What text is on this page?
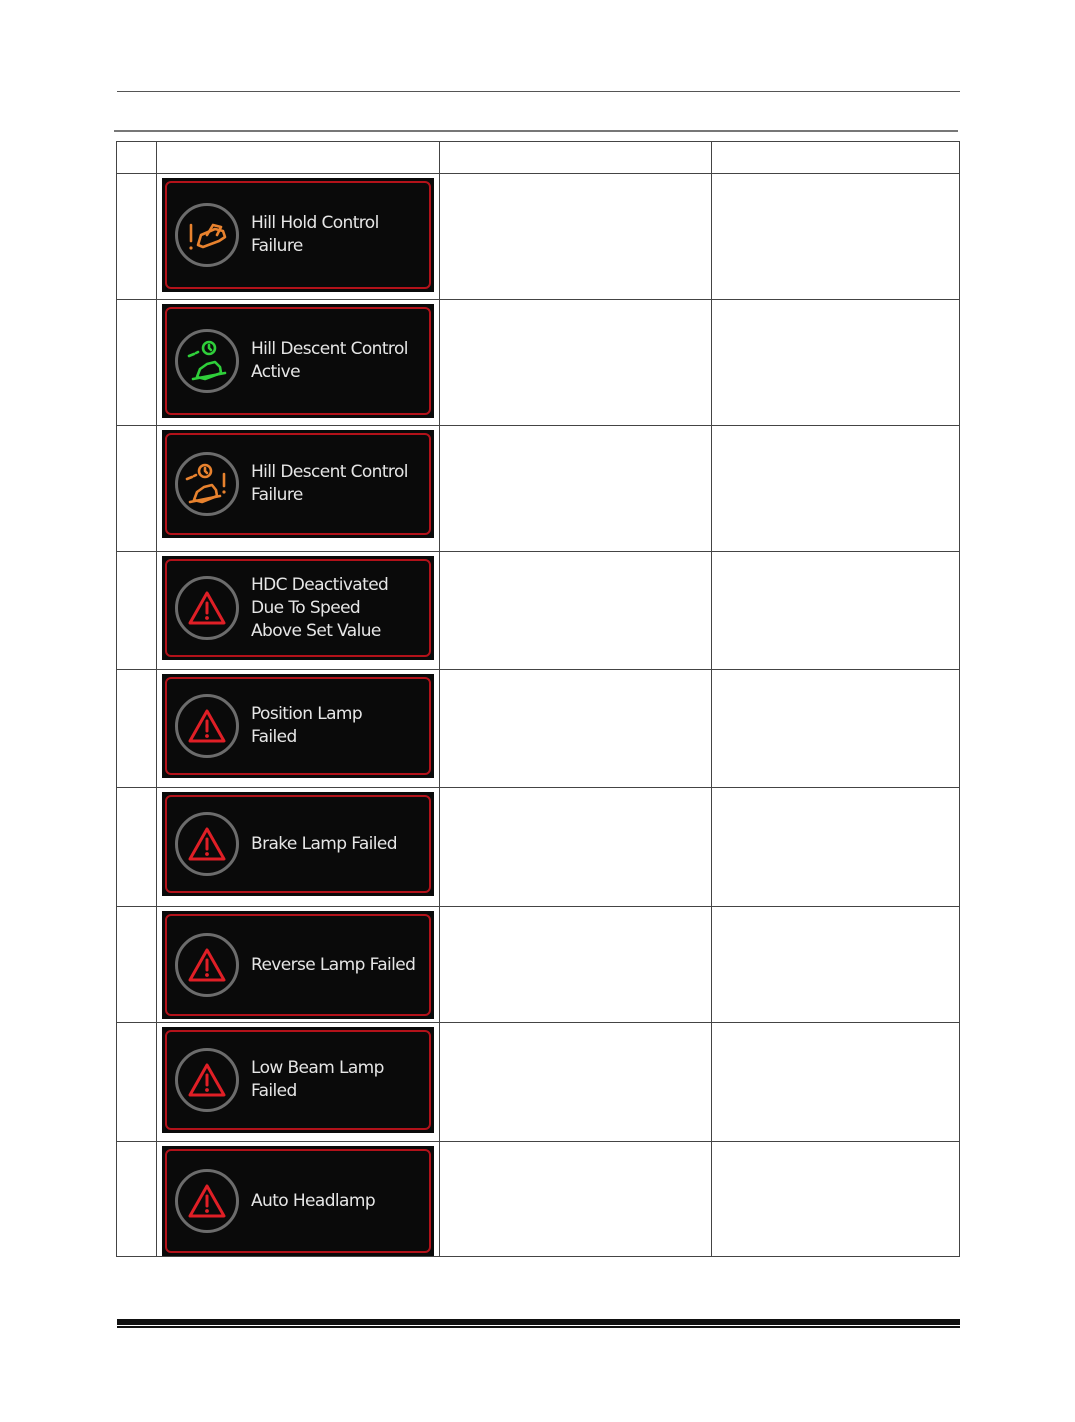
	Hill Hold Control
Failure		

	Hill Descent Control
Active		

	Hill Descent Control
Failure		

	HDC Deactivated
Due To Speed
Above Set Value		

	Position Lamp
Failed		

	Brake Lamp Failed		

	Reverse Lamp Failed		

	Low Beam Lamp
Failed		

	Auto Headlamp		
